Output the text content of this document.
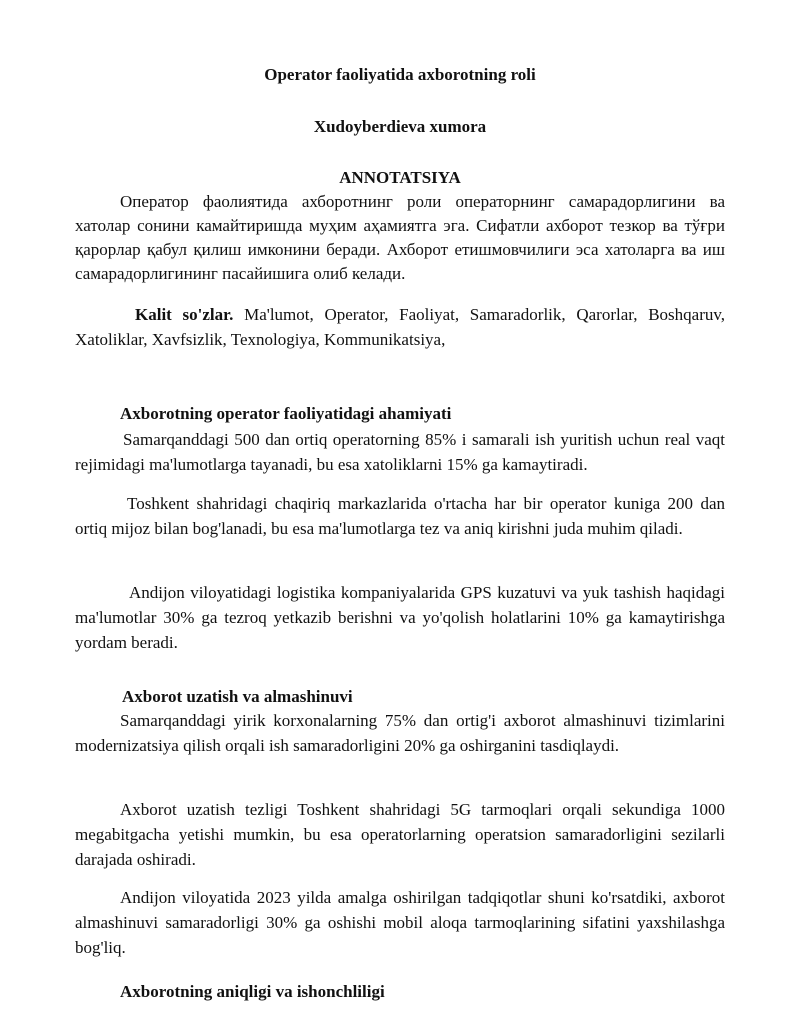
Operator faoliyatida axborotning roli
Xudoyberdieva xumora
ANNOTATSIYA
Оператор фаолиятида ахборотнинг роли операторнинг самарадорлигини ва хатолар сонини камайтиришда муҳим аҳамиятга эга. Сифатли ахборот тезкор ва тўғри қарорлар қабул қилиш имконини беради. Ахборот етишмовчилиги эса хатоларга ва иш самарадорлигининг пасайишига олиб келади.
Kalit so'zlar. Ma'lumot, Operator, Faoliyat, Samaradorlik, Qarorlar, Boshqaruv, Xatoliklar, Xavfsizlik, Texnologiya, Kommunikatsiya,
Axborotning operator faoliyatidagi ahamiyati
Samarqanddagi 500 dan ortiq operatorning 85% i samarali ish yuritish uchun real vaqt rejimidagi ma'lumotlarga tayanadi, bu esa xatoliklarni 15% ga kamaytiradi.
Toshkent shahridagi chaqiriq markazlarida o'rtacha har bir operator kuniga 200 dan ortiq mijoz bilan bog'lanadi, bu esa ma'lumotlarga tez va aniq kirishni juda muhim qiladi.
Andijon viloyatidagi logistika kompaniyalarida GPS kuzatuvi va yuk tashish haqidagi ma'lumotlar 30% ga tezroq yetkazib berishni va yo'qolish holatlarini 10% ga kamaytirishga yordam beradi.
Axborot uzatish va almashinuvi
Samarqanddagi yirik korxonalarning 75% dan ortig'i axborot almashinuvi tizimlarini modernizatsiya qilish orqali ish samaradorligini 20% ga oshirganini tasdiqlaydi.
Axborot uzatish tezligi Toshkent shahridagi 5G tarmoqlari orqali sekundiga 1000 megabitgacha yetishi mumkin, bu esa operatorlarning operatsion samaradorligini sezilarli darajada oshiradi.
Andijon viloyatida 2023 yilda amalga oshirilgan tadqiqotlar shuni ko'rsatdiki, axborot almashinuvi samaradorligi 30% ga oshishi mobil aloqa tarmoqlarining sifatini yaxshilashga bog'liq.
Axborotning aniqligi va ishonchliligi
